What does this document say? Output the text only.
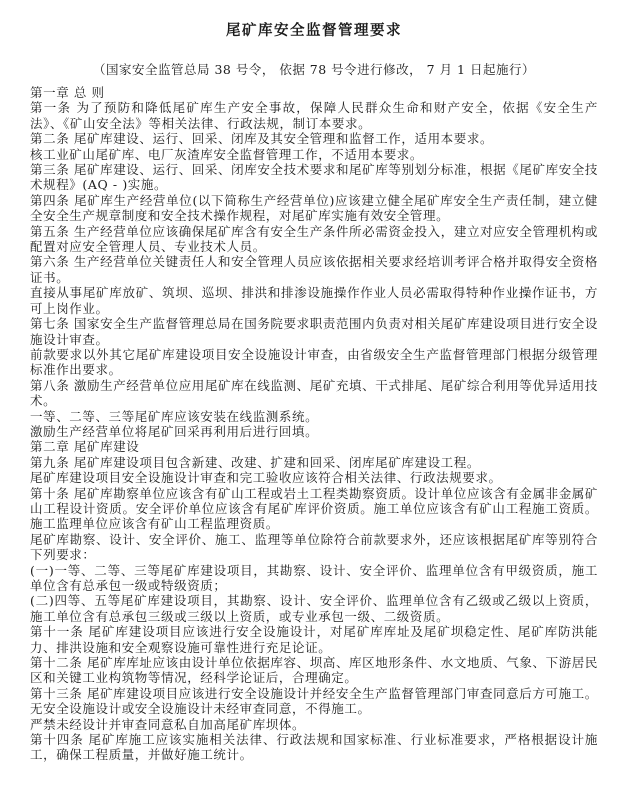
尾矿库安全监督管理要求

（国家安全监管总局 38 号令， 依据 78 号令进行修改， 7 月 1 日起施行）

第一章 总 则

第一条 为了预防和降低尾矿库生产安全事故，保障人民群众生命和财产安全，依据《安全生产法》、《矿山安全法》等相关法律、行政法规，制订本要求。

第二条 尾矿库建设、运行、回采、闭库及其安全管理和监督工作，适用本要求。

核工业矿山尾矿库、电厂灰渣库安全监督管理工作，不适用本要求。

第三条 尾矿库建设、运行、回采、闭库安全技术要求和尾矿库等别划分标准，根据《尾矿库安全技术规程》(AQ - )实施。

第四条 尾矿库生产经营单位(以下简称生产经营单位)应该建立健全尾矿库安全生产责任制，建立健全安全生产规章制度和安全技术操作规程，对尾矿库实施有效安全管理。

第五条 生产经营单位应该确保尾矿库含有安全生产条件所必需资金投入，建立对应安全管理机构或配置对应安全管理人员、专业技术人员。

第六条 生产经营单位关键责任人和安全管理人员应该依据相关要求经培训考评合格并取得安全资格证书。

直接从事尾矿库放矿、筑坝、巡坝、排洪和排渗设施操作作业人员必需取得特种作业操作证书，方可上岗作业。

第七条 国家安全生产监督管理总局在国务院要求职责范围内负责对相关尾矿库建设项目进行安全设施设计审查。

前款要求以外其它尾矿库建设项目安全设施设计审查，由省级安全生产监督管理部门根据分级管理标准作出要求。

第八条 激励生产经营单位应用尾矿库在线监测、尾矿充填、干式排尾、尾矿综合利用等优异适用技术。

一等、二等、三等尾矿库应该安装在线监测系统。

激励生产经营单位将尾矿回采再利用后进行回填。

第二章 尾矿库建设

第九条 尾矿库建设项目包含新建、改建、扩建和回采、闭库尾矿库建设工程。

尾矿库建设项目安全设施设计审查和完工验收应该符合相关法律、行政法规要求。

第十条 尾矿库勘察单位应该含有矿山工程或岩土工程类勘察资质。设计单位应该含有金属非金属矿山工程设计资质。安全评价单位应该含有尾矿库评价资质。施工单位应该含有矿山工程施工资质。施工监理单位应该含有矿山工程监理资质。

尾矿库勘察、设计、安全评价、施工、监理等单位除符合前款要求外，还应该根据尾矿库等别符合下列要求：

(一)一等、二等、三等尾矿库建设项目，其勘察、设计、安全评价、监理单位含有甲级资质，施工单位含有总承包一级或特级资质；

(二)四等、五等尾矿库建设项目，其勘察、设计、安全评价、监理单位含有乙级或乙级以上资质，施工单位含有总承包三级或三级以上资质，或专业承包一级、二级资质。

第十一条 尾矿库建设项目应该进行安全设施设计，对尾矿库库址及尾矿坝稳定性、尾矿库防洪能力、排洪设施和安全观察设施可靠性进行充足论证。

第十二条 尾矿库库址应该由设计单位依据库容、坝高、库区地形条件、水文地质、气象、下游居民区和关键工业构筑物等情况，经科学论证后，合理确定。

第十三条 尾矿库建设项目应该进行安全设施设计并经安全生产监督管理部门审查同意后方可施工。

无安全设施设计或安全设施设计未经审查同意，不得施工。

严禁未经设计并审查同意私自加高尾矿库坝体。

第十四条 尾矿库施工应该实施相关法律、行政法规和国家标准、行业标准要求，严格根据设计施工，确保工程质量，并做好施工统计。
